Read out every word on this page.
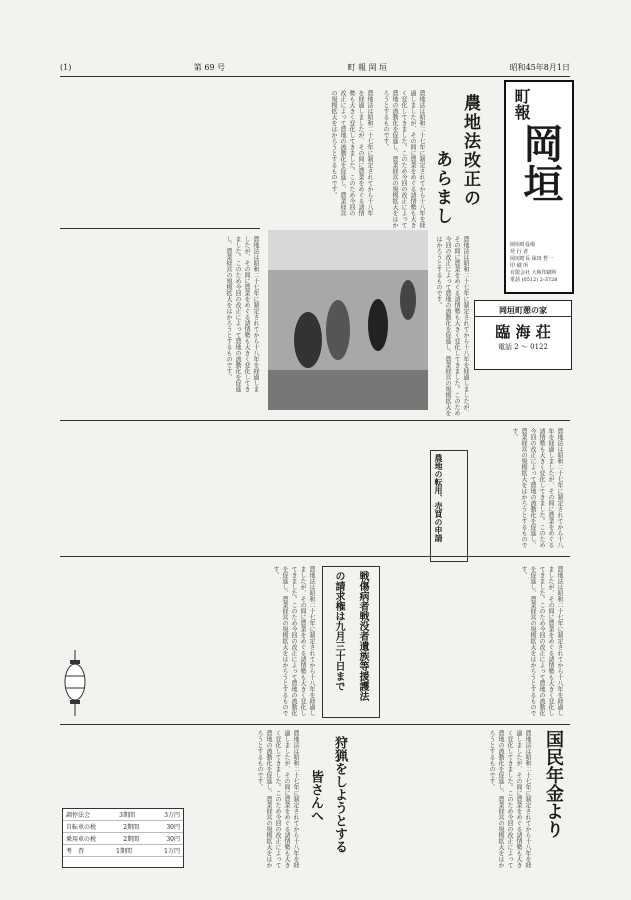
(1)	第 69 号	町 報 岡 垣	昭和45年8月1日
町報
岡垣
岡垣町役場
発 行 者
岡垣町長 深田 哲一
印 刷 所
有限会社 大和印刷所
電話 (0512) 2-3728
農地法改正の
あらまし
農地法は昭和二十七年に制定されてから十八年を経過しましたが、その間に農業をめぐる諸情勢も大きく変化してきました。このため今回の改正によって農地の流動化を促進し、農業経営の規模拡大をはかろうとするものです。
農地法は昭和二十七年に制定されてから十八年を経過しましたが、その間に農業をめぐる諸情勢も大きく変化してきました。このため今回の改正によって農地の流動化を促進し、農業経営の規模拡大をはかろうとするものです。
農地法は昭和二十七年に制定されてから十八年を経過しましたが、その間に農業をめぐる諸情勢も大きく変化してきました。このため今回の改正によって農地の流動化を促進し、農業経営の規模拡大をはかろうとするものです。	農地法は昭和二十七年に制定されてから十八年を経過しましたが、その間に農業をめぐる諸情勢も大きく変化してきました。このため今回の改正によって農地の流動化を促進し、農業経営の規模拡大をはかろうとするものです。
岡垣町憩の家
臨 海 荘
電話 2 ～ 0122
農地法は昭和二十七年に制定されてから十八年を経過しましたが、その間に農業をめぐる諸情勢も大きく変化してきました。このため今回の改正によって農地の流動化を促進し、農業経営の規模拡大をはかろうとするものです。
農地の転用、売買の申請
戦傷病者戦没者遺族等援護法
の請求権は九月三十日まで
農地法は昭和二十七年に制定されてから十八年を経過しましたが、その間に農業をめぐる諸情勢も大きく変化してきました。このため今回の改正によって農地の流動化を促進し、農業経営の規模拡大をはかろうとするものです。	農地法は昭和二十七年に制定されてから十八年を経過しましたが、その間に農業をめぐる諸情勢も大きく変化してきました。このため今回の改正によって農地の流動化を促進し、農業経営の規模拡大をはかろうとするものです。
狩猟をしようとする
皆さんへ	国民年金より
農地法は昭和二十七年に制定されてから十八年を経過しましたが、その間に農業をめぐる諸情勢も大きく変化してきました。このため今回の改正によって農地の流動化を促進し、農業経営の規模拡大をはかろうとするものです。	農地法は昭和二十七年に制定されてから十八年を経過しましたが、その間に農業をめぐる諸情勢も大きく変化してきました。このため今回の改正によって農地の流動化を促進し、農業経営の規模拡大をはかろうとするものです。
調停法会	3期間	3万円
自転車の税	2期間	30円
乗用車の税	2期間	30円
考　査	1期間	1万円
